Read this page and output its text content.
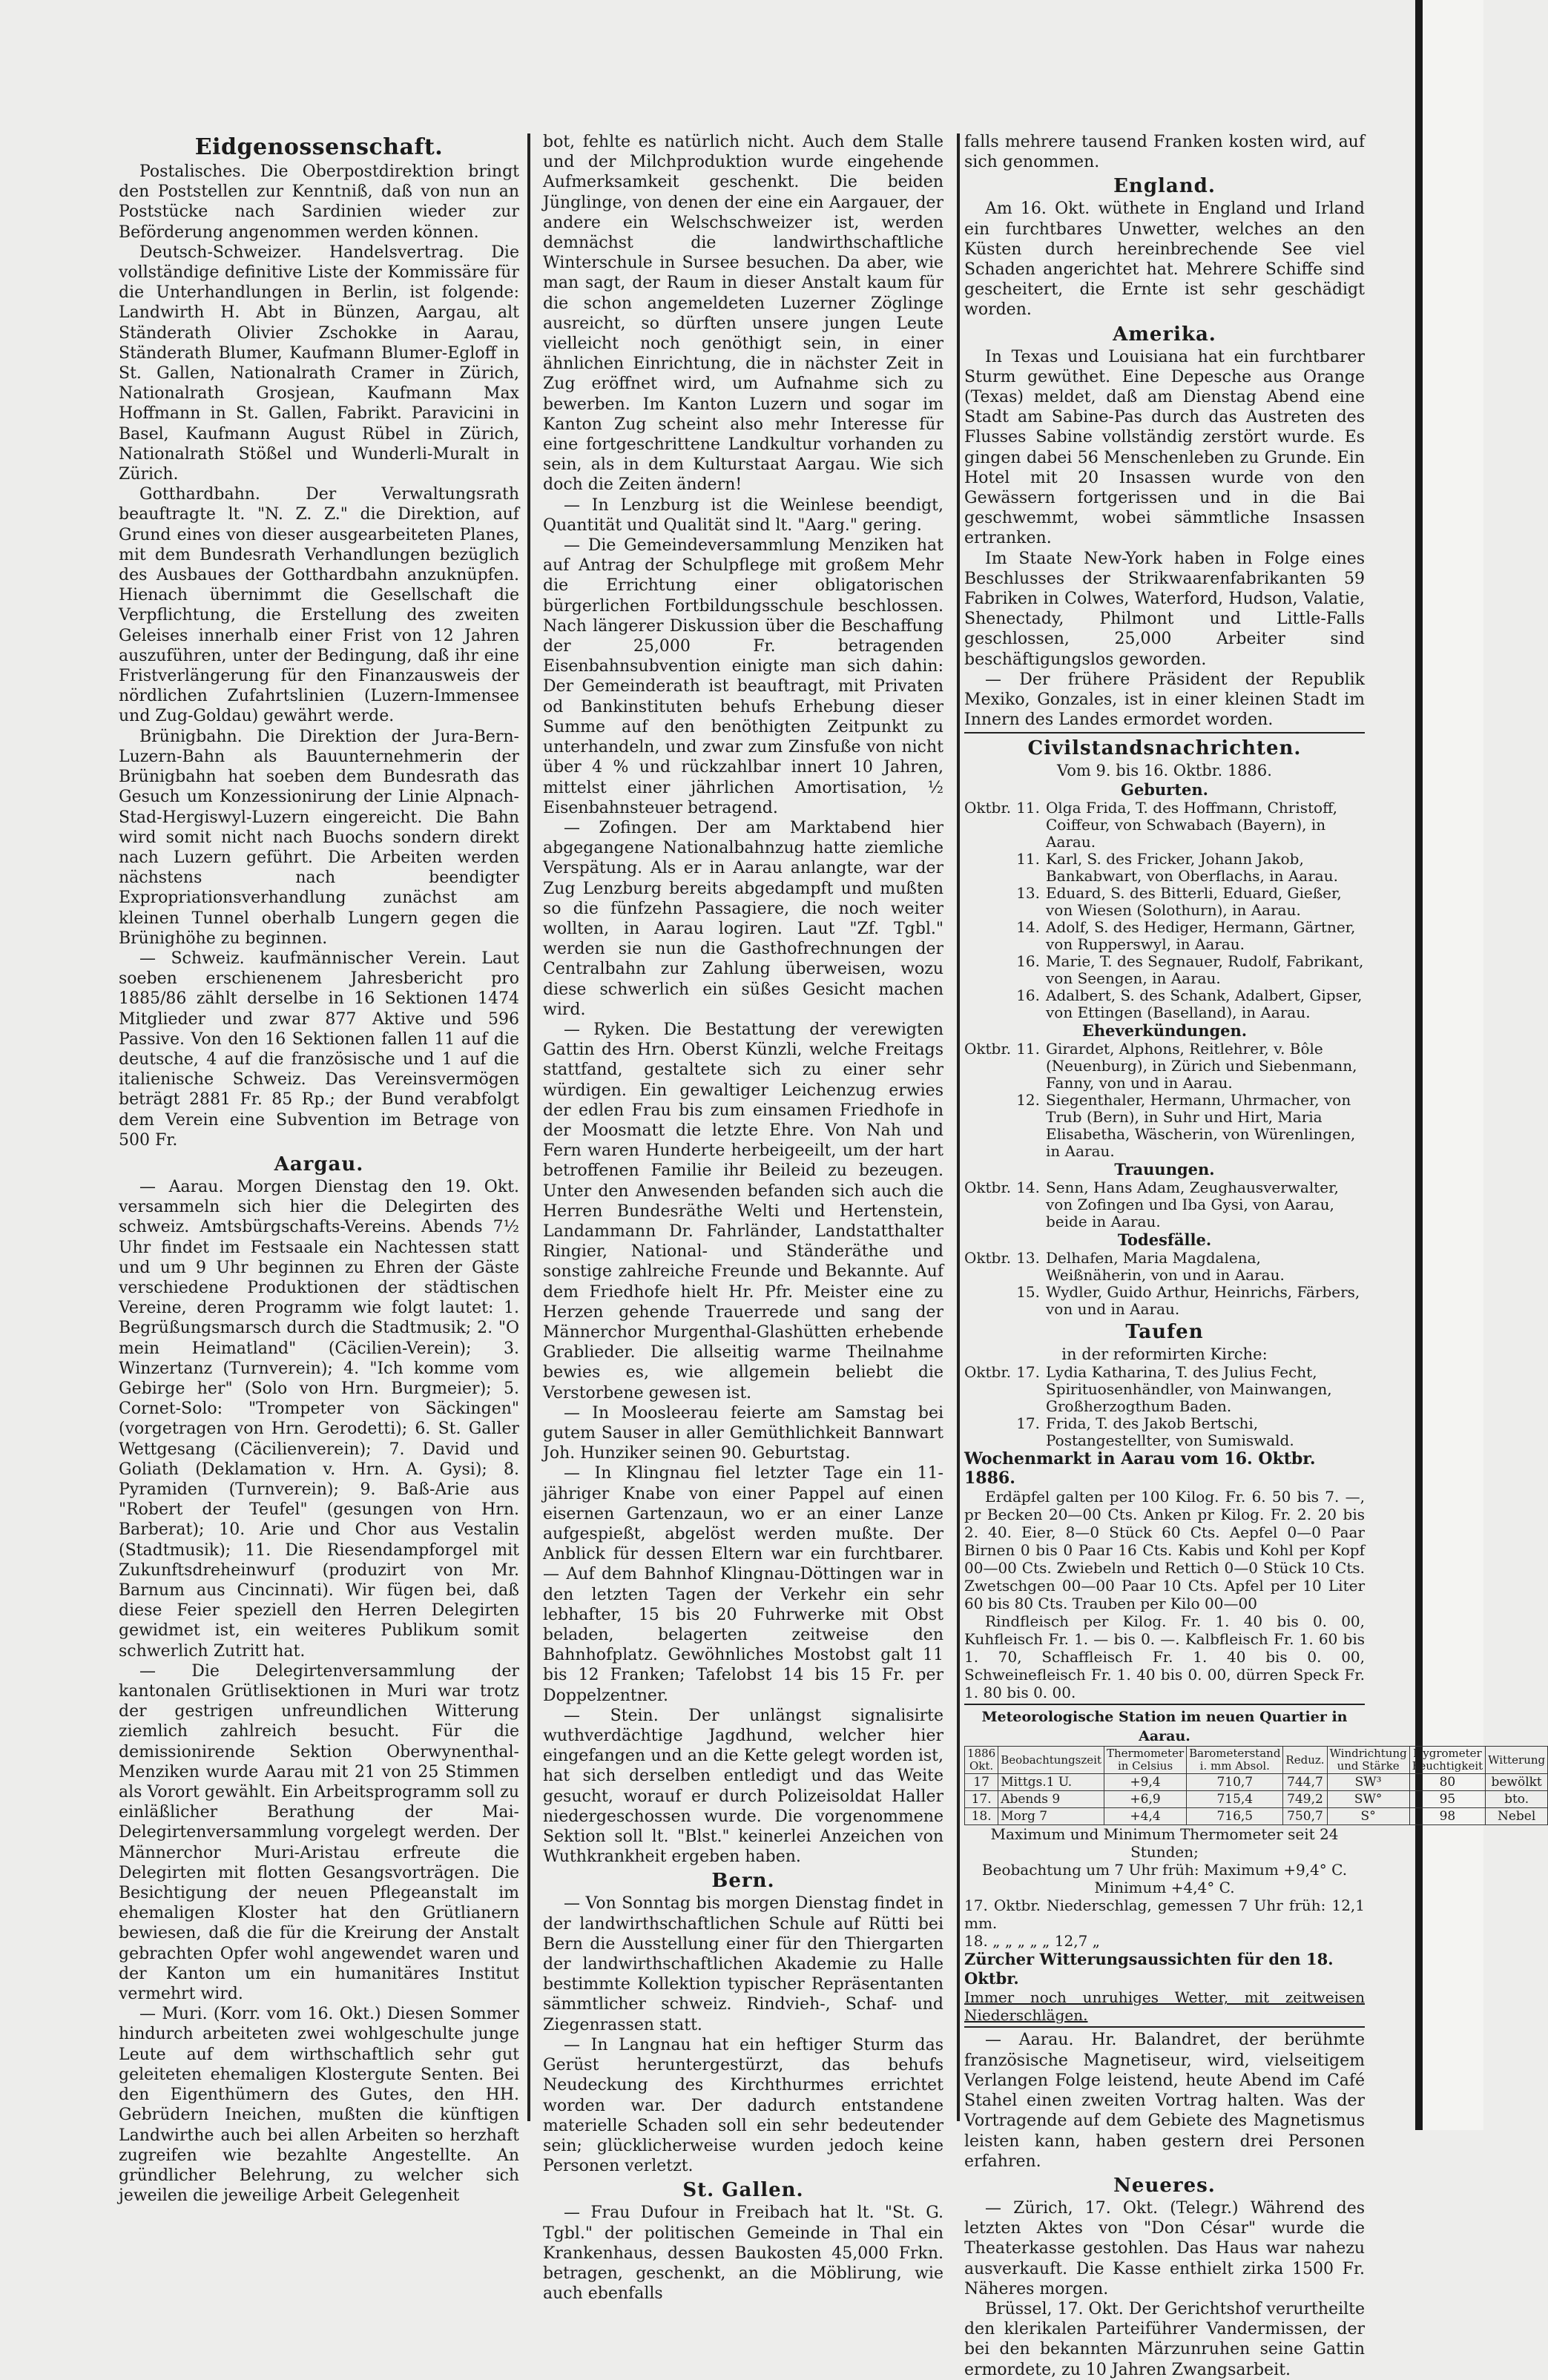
Eidgenossenschaft.

Postalisches. Die Oberpostdirektion bringt den Poststellen zur Kenntniß, daß von nun an Poststücke nach Sardinien wieder zur Beförderung angenommen werden können.

Deutsch-Schweizer. Handelsvertrag. Die vollständige definitive Liste der Kommissäre für die Unterhandlungen in Berlin, ist folgende: Landwirth H. Abt in Bünzen, Aargau, alt Ständerath Olivier Zschokke in Aarau, Ständerath Blumer, Kaufmann Blumer-Egloff in St. Gallen, Nationalrath Cramer in Zürich, Nationalrath Grosjean, Kaufmann Max Hoffmann in St. Gallen, Fabrikt. Paravicini in Basel, Kaufmann August Rübel in Zürich, Nationalrath Stößel und Wunderli-Muralt in Zürich.

Gotthardbahn. Der Verwaltungsrath beauftragte lt. "N. Z. Z." die Direktion, auf Grund eines von dieser ausgearbeiteten Planes, mit dem Bundesrath Verhandlungen bezüglich des Ausbaues der Gotthardbahn anzuknüpfen. Hienach übernimmt die Gesellschaft die Verpflichtung, die Erstellung des zweiten Geleises innerhalb einer Frist von 12 Jahren auszuführen, unter der Bedingung, daß ihr eine Fristverlängerung für den Finanzausweis der nördlichen Zufahrtslinien (Luzern-Immensee und Zug-Goldau) gewährt werde.

Brünigbahn. Die Direktion der Jura-Bern-Luzern-Bahn als Bauunternehmerin der Brünigbahn hat soeben dem Bundesrath das Gesuch um Konzessionirung der Linie Alpnach-Stad-Hergiswyl-Luzern eingereicht. Die Bahn wird somit nicht nach Buochs sondern direkt nach Luzern geführt. Die Arbeiten werden nächstens nach beendigter Expropriationsverhandlung zunächst am kleinen Tunnel oberhalb Lungern gegen die Brünighöhe zu beginnen.

— Schweiz. kaufmännischer Verein. Laut soeben erschienenem Jahresbericht pro 1885/86 zählt derselbe in 16 Sektionen 1474 Mitglieder und zwar 877 Aktive und 596 Passive. Von den 16 Sektionen fallen 11 auf die deutsche, 4 auf die französische und 1 auf die italienische Schweiz. Das Vereinsvermögen beträgt 2881 Fr. 85 Rp.; der Bund verabfolgt dem Verein eine Subvention im Betrage von 500 Fr.

Aargau.

— Aarau. Morgen Dienstag den 19. Okt. versammeln sich hier die Delegirten des schweiz. Amtsbürgschafts-Vereins. Abends 7½ Uhr findet im Festsaale ein Nachtessen statt und um 9 Uhr beginnen zu Ehren der Gäste verschiedene Produktionen der städtischen Vereine, deren Programm wie folgt lautet: 1. Begrüßungsmarsch durch die Stadtmusik; 2. "O mein Heimatland" (Cäcilien-Verein); 3. Winzertanz (Turnverein); 4. "Ich komme vom Gebirge her" (Solo von Hrn. Burgmeier); 5. Cornet-Solo: "Trompeter von Säckingen" (vorgetragen von Hrn. Gerodetti); 6. St. Galler Wettgesang (Cäcilienverein); 7. David und Goliath (Deklamation v. Hrn. A. Gysi); 8. Pyramiden (Turnverein); 9. Baß-Arie aus "Robert der Teufel" (gesungen von Hrn. Barberat); 10. Arie und Chor aus Vestalin (Stadtmusik); 11. Die Riesendampforgel mit Zukunftsdreheinwurf (produzirt von Mr. Barnum aus Cincinnati). Wir fügen bei, daß diese Feier speziell den Herren Delegirten gewidmet ist, ein weiteres Publikum somit schwerlich Zutritt hat.

— Die Delegirtenversammlung der kantonalen Grütlisektionen in Muri war trotz der gestrigen unfreundlichen Witterung ziemlich zahlreich besucht. Für die demissionirende Sektion Oberwynenthal-Menziken wurde Aarau mit 21 von 25 Stimmen als Vorort gewählt. Ein Arbeitsprogramm soll zu einläßlicher Berathung der Mai-Delegirtenversammlung vorgelegt werden. Der Männerchor Muri-Aristau erfreute die Delegirten mit flotten Gesangsvorträgen. Die Besichtigung der neuen Pflegeanstalt im ehemaligen Kloster hat den Grütlianern bewiesen, daß die für die Kreirung der Anstalt gebrachten Opfer wohl angewendet waren und der Kanton um ein humanitäres Institut vermehrt wird.

— Muri. (Korr. vom 16. Okt.) Diesen Sommer hindurch arbeiteten zwei wohlgeschulte junge Leute auf dem wirthschaftlich sehr gut geleiteten ehemaligen Klostergute Senten. Bei den Eigenthümern des Gutes, den HH. Gebrüdern Ineichen, mußten die künftigen Landwirthe auch bei allen Arbeiten so herzhaft zugreifen wie bezahlte Angestellte. An gründlicher Belehrung, zu welcher sich jeweilen die jeweilige Arbeit Gelegenheit

bot, fehlte es natürlich nicht. Auch dem Stalle und der Milchproduktion wurde eingehende Aufmerksamkeit geschenkt. Die beiden Jünglinge, von denen der eine ein Aargauer, der andere ein Welschschweizer ist, werden demnächst die landwirthschaftliche Winterschule in Sursee besuchen. Da aber, wie man sagt, der Raum in dieser Anstalt kaum für die schon angemeldeten Luzerner Zöglinge ausreicht, so dürften unsere jungen Leute vielleicht noch genöthigt sein, in einer ähnlichen Einrichtung, die in nächster Zeit in Zug eröffnet wird, um Aufnahme sich zu bewerben. Im Kanton Luzern und sogar im Kanton Zug scheint also mehr Interesse für eine fortgeschrittene Landkultur vorhanden zu sein, als in dem Kulturstaat Aargau. Wie sich doch die Zeiten ändern!

— In Lenzburg ist die Weinlese beendigt, Quantität und Qualität sind lt. "Aarg." gering.

— Die Gemeindeversammlung Menziken hat auf Antrag der Schulpflege mit großem Mehr die Errichtung einer obligatorischen bürgerlichen Fortbildungsschule beschlossen. Nach längerer Diskussion über die Beschaffung der 25,000 Fr. betragenden Eisenbahnsubvention einigte man sich dahin: Der Gemeinderath ist beauftragt, mit Privaten od Bankinstituten behufs Erhebung dieser Summe auf den benöthigten Zeitpunkt zu unterhandeln, und zwar zum Zinsfuße von nicht über 4 % und rückzahlbar innert 10 Jahren, mittelst einer jährlichen Amortisation, ½ Eisenbahnsteuer betragend.

— Zofingen. Der am Marktabend hier abgegangene Nationalbahnzug hatte ziemliche Verspätung. Als er in Aarau anlangte, war der Zug Lenzburg bereits abgedampft und mußten so die fünfzehn Passagiere, die noch weiter wollten, in Aarau logiren. Laut "Zf. Tgbl." werden sie nun die Gasthofrechnungen der Centralbahn zur Zahlung überweisen, wozu diese schwerlich ein süßes Gesicht machen wird.

— Ryken. Die Bestattung der verewigten Gattin des Hrn. Oberst Künzli, welche Freitags stattfand, gestaltete sich zu einer sehr würdigen. Ein gewaltiger Leichenzug erwies der edlen Frau bis zum einsamen Friedhofe in der Moosmatt die letzte Ehre. Von Nah und Fern waren Hunderte herbeigeeilt, um der hart betroffenen Familie ihr Beileid zu bezeugen. Unter den Anwesenden befanden sich auch die Herren Bundesräthe Welti und Hertenstein, Landammann Dr. Fahrländer, Landstatthalter Ringier, National- und Ständeräthe und sonstige zahlreiche Freunde und Bekannte. Auf dem Friedhofe hielt Hr. Pfr. Meister eine zu Herzen gehende Trauerrede und sang der Männerchor Murgenthal-Glashütten erhebende Grablieder. Die allseitig warme Theilnahme bewies es, wie allgemein beliebt die Verstorbene gewesen ist.

— In Moosleerau feierte am Samstag bei gutem Sauser in aller Gemüthlichkeit Bannwart Joh. Hunziker seinen 90. Geburtstag.

— In Klingnau fiel letzter Tage ein 11-jähriger Knabe von einer Pappel auf einen eisernen Gartenzaun, wo er an einer Lanze aufgespießt, abgelöst werden mußte. Der Anblick für dessen Eltern war ein furchtbarer. — Auf dem Bahnhof Klingnau-Döttingen war in den letzten Tagen der Verkehr ein sehr lebhafter, 15 bis 20 Fuhrwerke mit Obst beladen, belagerten zeitweise den Bahnhofplatz. Gewöhnliches Mostobst galt 11 bis 12 Franken; Tafelobst 14 bis 15 Fr. per Doppelzentner.

— Stein. Der unlängst signalisirte wuthverdächtige Jagdhund, welcher hier eingefangen und an die Kette gelegt worden ist, hat sich derselben entledigt und das Weite gesucht, worauf er durch Polizeisoldat Haller niedergeschossen wurde. Die vorgenommene Sektion soll lt. "Blst." keinerlei Anzeichen von Wuthkrankheit ergeben haben.

Bern.

— Von Sonntag bis morgen Dienstag findet in der landwirthschaftlichen Schule auf Rütti bei Bern die Ausstellung einer für den Thiergarten der landwirthschaftlichen Akademie zu Halle bestimmte Kollektion typischer Repräsentanten sämmtlicher schweiz. Rindvieh-, Schaf- und Ziegenrassen statt.

— In Langnau hat ein heftiger Sturm das Gerüst heruntergestürzt, das behufs Neudeckung des Kirchthurmes errichtet worden war. Der dadurch entstandene materielle Schaden soll ein sehr bedeutender sein; glücklicherweise wurden jedoch keine Personen verletzt.

St. Gallen.

— Frau Dufour in Freibach hat lt. "St. G. Tgbl." der politischen Gemeinde in Thal ein Krankenhaus, dessen Baukosten 45,000 Frkn. betragen, geschenkt, an die Möblirung, wie auch ebenfalls

falls mehrere tausend Franken kosten wird, auf sich genommen.

England.

Am 16. Okt. wüthete in England und Irland ein furchtbares Unwetter, welches an den Küsten durch hereinbrechende See viel Schaden angerichtet hat. Mehrere Schiffe sind gescheitert, die Ernte ist sehr geschädigt worden.

Amerika.

In Texas und Louisiana hat ein furchtbarer Sturm gewüthet. Eine Depesche aus Orange (Texas) meldet, daß am Dienstag Abend eine Stadt am Sabine-Pas durch das Austreten des Flusses Sabine vollständig zerstört wurde. Es gingen dabei 56 Menschenleben zu Grunde. Ein Hotel mit 20 Insassen wurde von den Gewässern fortgerissen und in die Bai geschwemmt, wobei sämmtliche Insassen ertranken.

Im Staate New-York haben in Folge eines Beschlusses der Strikwaarenfabrikanten 59 Fabriken in Colwes, Waterford, Hudson, Valatie, Shenectady, Philmont und Little-Falls geschlossen, 25,000 Arbeiter sind beschäftigungslos geworden.

— Der frühere Präsident der Republik Mexiko, Gonzales, ist in einer kleinen Stadt im Innern des Landes ermordet worden.

Civilstandsnachrichten.
Vom 9. bis 16. Oktbr. 1886.
Geburten.
Oktbr. 11. Olga Frida, T. des Hoffmann, Christoff, Coiffeur, von Schwabach (Bayern), in Aarau.
11. Karl, S. des Fricker, Johann Jakob, Bankabwart, von Oberflachs, in Aarau.
13. Eduard, S. des Bitterli, Eduard, Gießer, von Wiesen (Solothurn), in Aarau.
14. Adolf, S. des Hediger, Hermann, Gärtner, von Rupperswyl, in Aarau.
16. Marie, T. des Segnauer, Rudolf, Fabrikant, von Seengen, in Aarau.
16. Adalbert, S. des Schank, Adalbert, Gipser, von Ettingen (Baselland), in Aarau.
Eheverkündungen.
Oktbr. 11. Girardet, Alphons, Reitlehrer, v. Bôle (Neuenburg), in Zürich und Siebenmann, Fanny, von und in Aarau.
12. Siegenthaler, Hermann, Uhrmacher, von Trub (Bern), in Suhr und Hirt, Maria Elisabetha, Wäscherin, von Würenlingen, in Aarau.
Trauungen.
Oktbr. 14. Senn, Hans Adam, Zeughausverwalter, von Zofingen und Iba Gysi, von Aarau, beide in Aarau.
Todesfälle.
Oktbr. 13. Delhafen, Maria Magdalena, Weißnäherin, von und in Aarau.
15. Wydler, Guido Arthur, Heinrichs, Färbers, von und in Aarau.
Taufen
in der reformirten Kirche:
Oktbr. 17. Lydia Katharina, T. des Julius Fecht, Spirituosenhändler, von Mainwangen, Großherzogthum Baden.
17. Frida, T. des Jakob Bertschi, Postangestellter, von Sumiswald.
Wochenmarkt in Aarau vom 16. Oktbr. 1886.

Erdäpfel galten per 100 Kilog. Fr. 6. 50 bis 7. —, pr Becken 20—00 Cts. Anken pr Kilog. Fr. 2. 20 bis 2. 40. Eier, 8—0 Stück 60 Cts. Aepfel 0—0 Paar Birnen 0 bis 0 Paar 16 Cts. Kabis und Kohl per Kopf 00—00 Cts. Zwiebeln und Rettich 0—0 Stück 10 Cts. Zwetschgen 00—00 Paar 10 Cts. Apfel per 10 Liter 60 bis 80 Cts. Trauben per Kilo 00—00

Rindfleisch per Kilog. Fr. 1. 40 bis 0. 00, Kuhfleisch Fr. 1. — bis 0. —. Kalbfleisch Fr. 1. 60 bis 1. 70, Schaffleisch Fr. 1. 40 bis 0. 00, Schweinefleisch Fr. 1. 40 bis 0. 00, dürren Speck Fr. 1. 80 bis 0. 00.

Meteorologische Station im neuen Quartier in Aarau.
1886 Okt.	Beobachtungszeit	Thermometer in Celsius	Barometerstand i. mm Absol.	Reduz.	Windrichtung und Stärke	Hygrometer Feuchtigkeit	Witterung
17	Mittgs.1 U.	+9,4	710,7	744,7	SW³	80	bewölkt
17.	Abends 9	+6,9	715,4	749,2	SW°	95	bto.
18.	Morg 7	+4,4	716,5	750,7	S°	98	Nebel
Maximum und Minimum Thermometer seit 24 Stunden;
Beobachtung um 7 Uhr früh: Maximum +9,4° C.
Minimum +4,4° C.
17. Oktbr. Niederschlag, gemessen 7 Uhr früh: 12,1 mm.
18. „ „ „ „ „ 12,7 „
Zürcher Witterungsaussichten für den 18. Oktbr.
Immer noch unruhiges Wetter, mit zeitweisen Niederschlägen.

— Aarau. Hr. Balandret, der berühmte französische Magnetiseur, wird, vielseitigem Verlangen Folge leistend, heute Abend im Café Stahel einen zweiten Vortrag halten. Was der Vortragende auf dem Gebiete des Magnetismus leisten kann, haben gestern drei Personen erfahren.

Neueres.

— Zürich, 17. Okt. (Telegr.) Während des letzten Aktes von "Don César" wurde die Theaterkasse gestohlen. Das Haus war nahezu ausverkauft. Die Kasse enthielt zirka 1500 Fr. Näheres morgen.

Brüssel, 17. Okt. Der Gerichtshof verurtheilte den klerikalen Parteiführer Vandermissen, der bei den bekannten Märzunruhen seine Gattin ermordete, zu 10 Jahren Zwangsarbeit.
